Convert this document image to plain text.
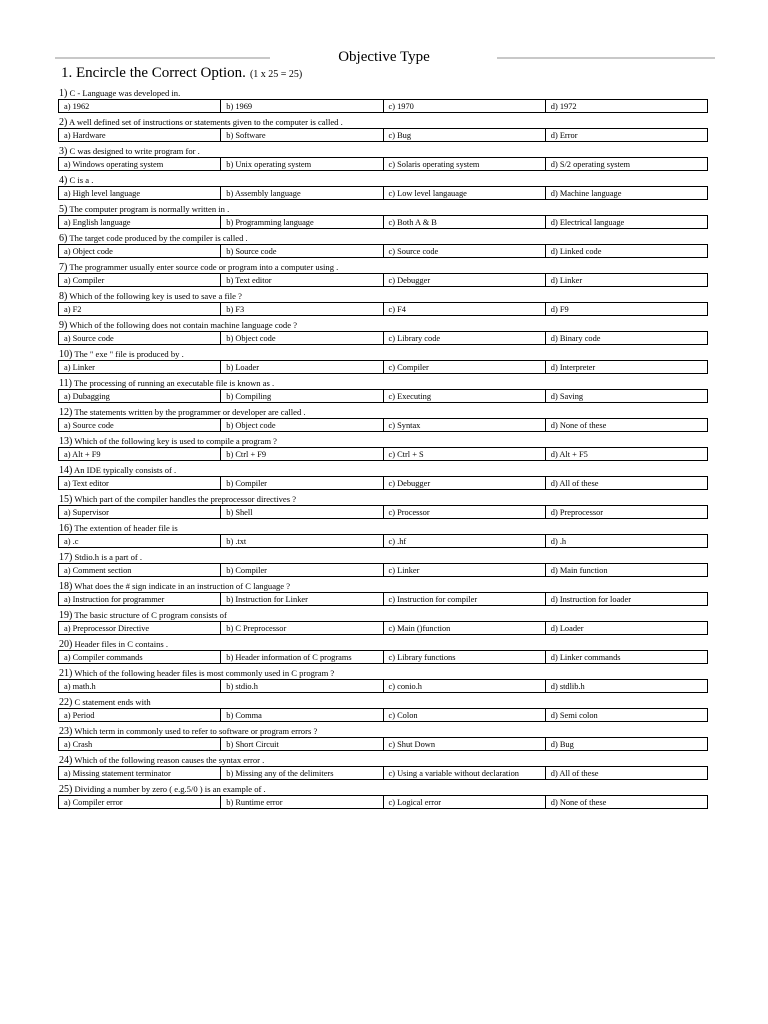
Objective Type
1. Encircle the Correct Option. (1 x 25 = 25)
1) C - Language was developed in.
a) 1962	b) 1969	c) 1970	d) 1972
2) A well defined set of instructions or statements given to the computer is called .
a) Hardware	b) Software	c) Bug	d) Error
3) C was designed to write program for .
a) Windows operating system	b) Unix operating system	c) Solaris operating system	d) S/2 operating system
4) C is a .
a) High level language	b) Assembly language	c) Low level langauage	d) Machine language
5) The computer program is normally written in .
a) English language	b) Programming language	c) Both A & B	d) Electrical language
6) The target code produced by the compiler is called .
a) Object code	b) Source code	c) Source code	d) Linked code
7) The programmer usually enter source code or program into a computer using .
a) Compiler	b) Text editor	c) Debugger	d) Linker
8) Which of the following key is used to save a file ?
a) F2	b) F3	c) F4	d) F9
9) Which of the following does not contain machine language code ?
a) Source code	b) Object code	c) Library code	d) Binary code
10) The " exe " file is produced by .
a) Linker	b) Loader	c) Compiler	d) Interpreter
11) The processing of running an executable file is known as .
a) Dubagging	b) Compiling	c) Executing	d) Saving
12) The statements written by the programmer or developer are called .
a) Source code	b) Object code	c) Syntax	d) None of these
13) Which of the following key is used to compile a program ?
a) Alt + F9	b) Ctrl + F9	c) Ctrl + S	d) Alt + F5
14) An IDE typically consists of .
a) Text editor	b) Compiler	c) Debugger	d) All of these
15) Which part of the compiler handles the preprocessor directives ?
a) Supervisor	b) Shell	c) Processor	d) Preprocessor
16) The extention of header file is
a) .c	b) .txt	c) .hf	d) .h
17) Stdio.h is a part of .
a) Comment section	b) Compiler	c) Linker	d) Main function
18) What does the # sign indicate in an instruction of C language ?
a) Instruction for programmer	b) Instruction for Linker	c) Instruction for compiler	d) Instruction for loader
19) The basic structure of C program consists of
a) Preprocessor Directive	b) C Preprocessor	c) Main ()function	d) Loader
20) Header files in C contains .
a) Compiler commands	b) Header information of C programs	c) Library functions	d) Linker commands
21) Which of the following header files is most commonly used in C program ?
a) math.h	b) stdio.h	c) conio.h	d) stdlib.h
22) C statement ends with
a) Period	b) Comma	c) Colon	d) Semi colon
23) Which term in commonly used to refer to software or program errors ?
a) Crash	b) Short Circuit	c) Shut Down	d) Bug
24) Which of the following reason causes the syntax error .
a) Missing statement terminator	b) Missing any of the delimiters	c) Using a variable without declaration	d) All of these
25) Dividing a number by zero ( e.g.5/0 ) is an example of .
a) Compiler error	b) Runtime error	c) Logical error	d) None of these
